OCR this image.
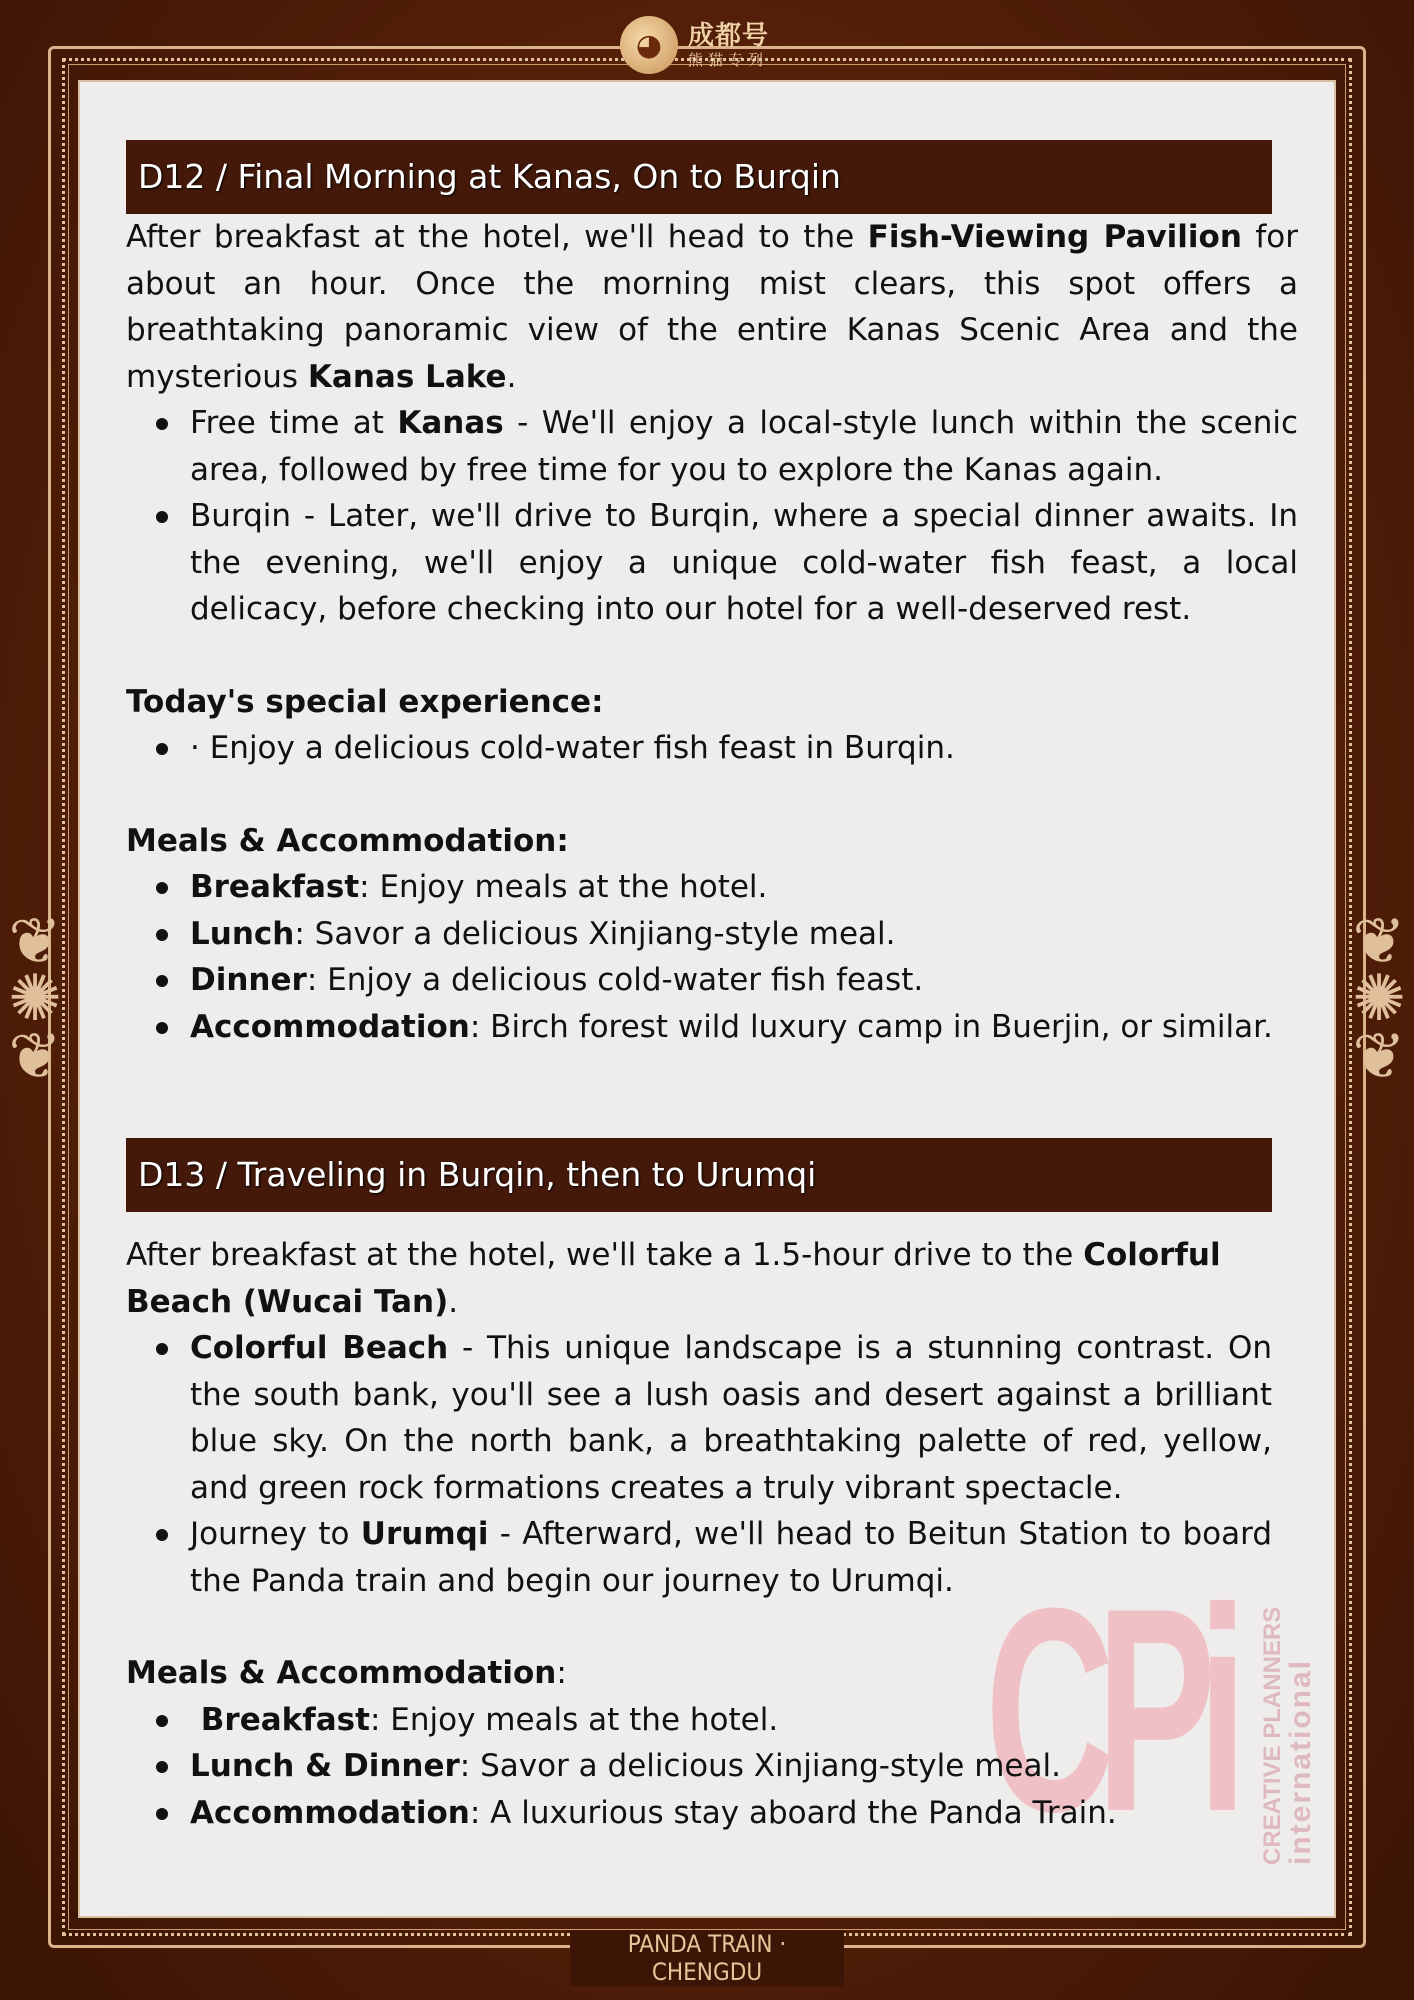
❦
✺
❦
❦
✺
❦
◕ 成都号
熊猫专列
CPi CREATIVE PLANNERS
international
D12 / Final Morning at Kanas, On to Burqin

After breakfast at the hotel, we'll head to the Fish-Viewing Pavilion for about an hour. Once the morning mist clears, this spot offers a breathtaking panoramic view of the entire Kanas Scenic Area and the mysterious Kanas Lake.

Free time at Kanas - We'll enjoy a local-style lunch within the scenic area, followed by free time for you to explore the Kanas again.
Burqin - Later, we'll drive to Burqin, where a special dinner awaits. In the evening, we'll enjoy a unique cold-water fish feast, a local delicacy, before checking into our hotel for a well-deserved rest.
Today's special experience:
· Enjoy a delicious cold-water fish feast in Burqin.
Meals & Accommodation:
Breakfast: Enjoy meals at the hotel.
Lunch: Savor a delicious Xinjiang-style meal.
Dinner: Enjoy a delicious cold-water fish feast.
Accommodation: Birch forest wild luxury camp in Buerjin, or similar.
D13 / Traveling in Burqin, then to Urumqi

After breakfast at the hotel, we'll take a 1.5-hour drive to the Colorful Beach (Wucai Tan).

Colorful Beach - This unique landscape is a stunning contrast. On the south bank, you'll see a lush oasis and desert against a brilliant blue sky. On the north bank, a breathtaking palette of red, yellow, and green rock formations creates a truly vibrant spectacle.
Journey to Urumqi - Afterward, we'll head to Beitun Station to board the Panda train and begin our journey to Urumqi.
Meals & Accommodation:
Breakfast: Enjoy meals at the hotel.
Lunch & Dinner: Savor a delicious Xinjiang-style meal.
Accommodation: A luxurious stay aboard the Panda Train.
PANDA TRAIN · CHENGDU
